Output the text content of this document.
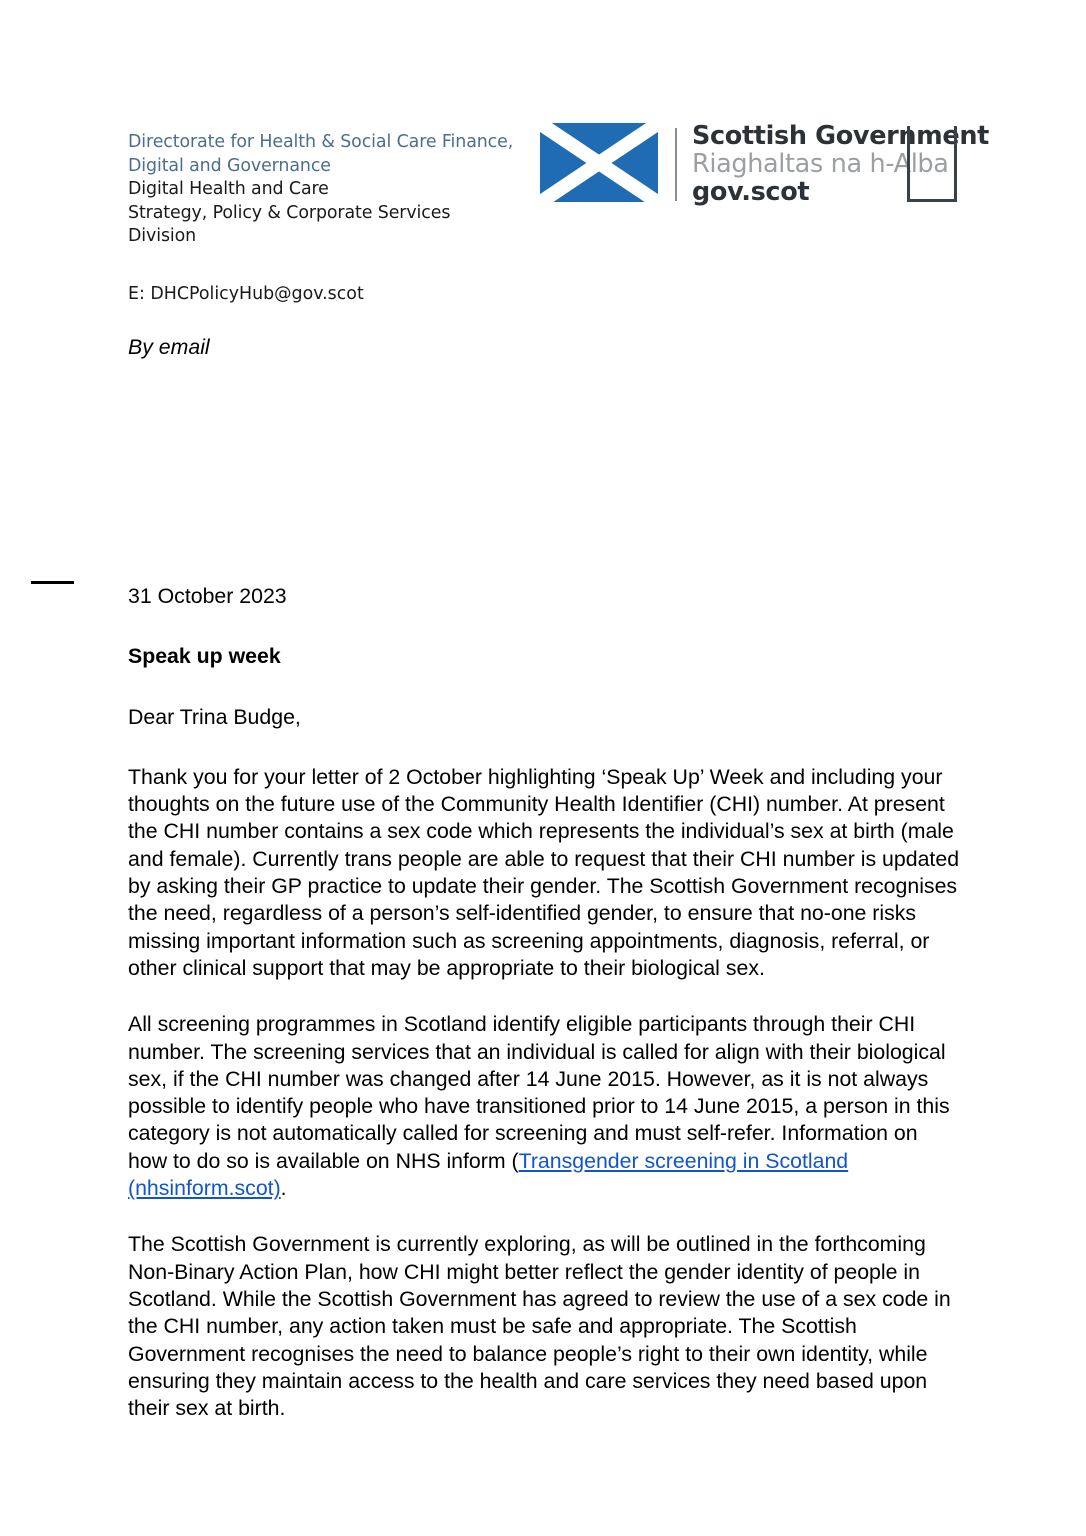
Directorate for Health & Social Care Finance,
Digital and Governance
Digital Health and Care
Strategy, Policy & Corporate Services
Division
E: DHCPolicyHub@gov.scot
Scottish Government
Riaghaltas na h-Alba
gov.scot
By email
31 October 2023
Speak up week
Dear Trina Budge,

Thank you for your letter of 2 October highlighting ‘Speak Up’ Week and including your thoughts on the future use of the Community Health Identifier (CHI) number. At present the CHI number contains a sex code which represents the individual’s sex at birth (male and female). Currently trans people are able to request that their CHI number is updated by asking their GP practice to update their gender. The Scottish Government recognises the need, regardless of a person’s self-identified gender, to ensure that no-one risks missing important information such as screening appointments, diagnosis, referral, or other clinical support that may be appropriate to their biological sex.

All screening programmes in Scotland identify eligible participants through their CHI number. The screening services that an individual is called for align with their biological sex, if the CHI number was changed after 14 June 2015. However, as it is not always possible to identify people who have transitioned prior to 14 June 2015, a person in this category is not automatically called for screening and must self-refer. Information on how to do so is available on NHS inform (Transgender screening in Scotland (nhsinform.scot).

The Scottish Government is currently exploring, as will be outlined in the forthcoming Non-Binary Action Plan, how CHI might better reflect the gender identity of people in Scotland. While the Scottish Government has agreed to review the use of a sex code in the CHI number, any action taken must be safe and appropriate. The Scottish Government recognises the need to balance people’s right to their own identity, while ensuring they maintain access to the health and care services they need based upon their sex at birth.
